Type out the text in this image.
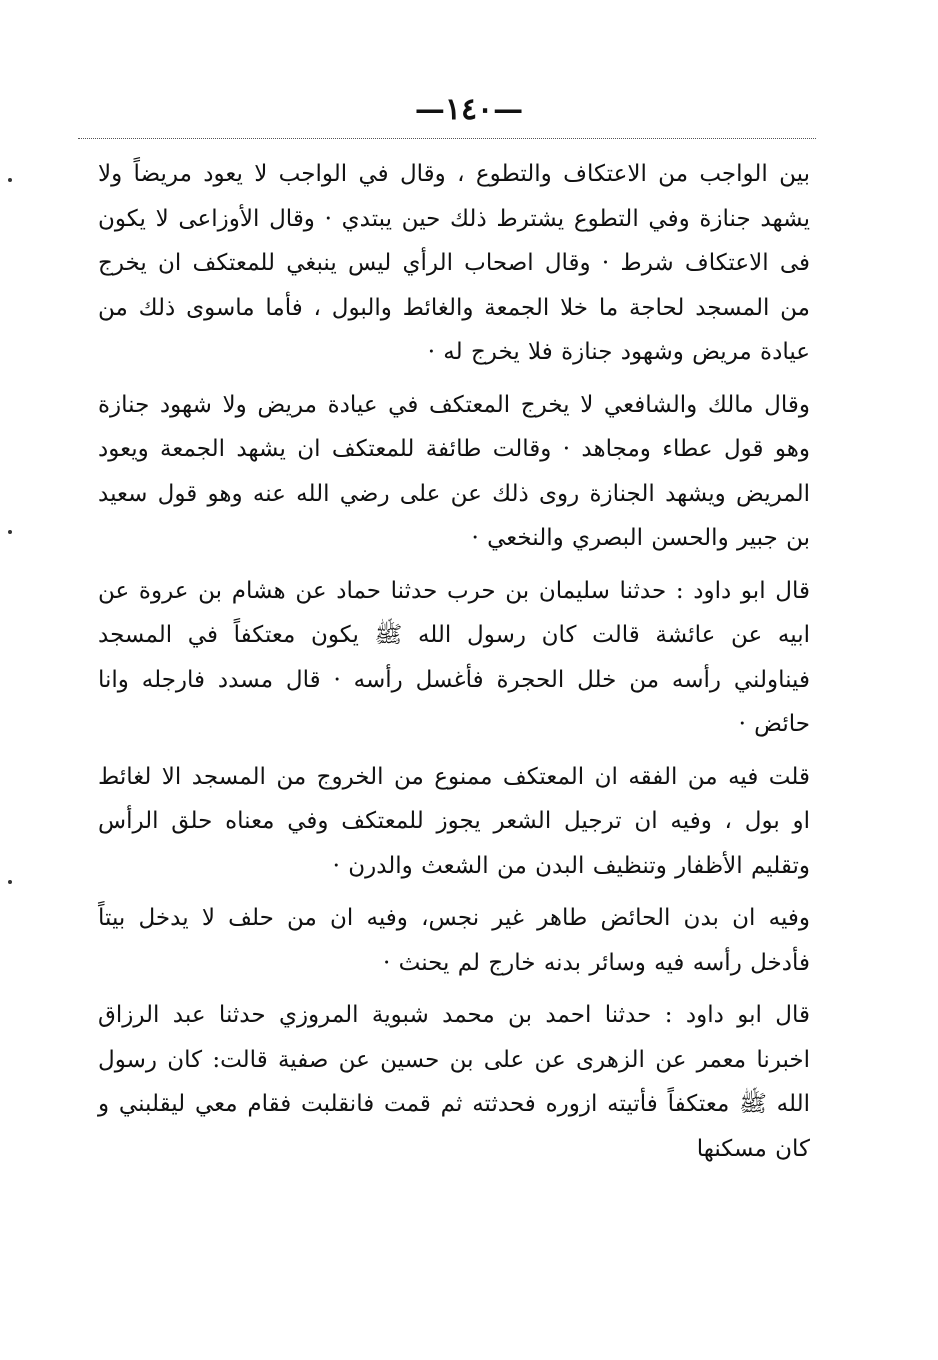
—١٤٠—

بين الواجب من الاعتكاف والتطوع ، وقال في الواجب لا يعود مريضاً ولا يشهد جنازة وفي التطوع يشترط ذلك حين يبتدي · وقال الأوزاعى لا يكون فى الاعتكاف شرط · وقال اصحاب الرأي ليس ينبغي للمعتكف ان يخرج من المسجد لحاجة ما خلا الجمعة والغائط والبول ، فأما ماسوى ذلك من عيادة مريض وشهود جنازة فلا يخرج له ·

وقال مالك والشافعي لا يخرج المعتكف في عيادة مريض ولا شهود جنازة وهو قول عطاء ومجاهد · وقالت طائفة للمعتكف ان يشهد الجمعة ويعود المريض ويشهد الجنازة روى ذلك عن على رضي الله عنه وهو قول سعيد بن جبير والحسن البصري والنخعي ·

قال ابو داود : حدثنا سليمان بن حرب حدثنا حماد عن هشام بن عروة عن ابيه عن عائشة قالت كان رسول الله ﷺ يكون معتكفاً في المسجد فيناولني رأسه من خلل الحجرة فأغسل رأسه · قال مسدد فارجله وانا حائض ·

قلت فيه من الفقه ان المعتكف ممنوع من الخروج من المسجد الا لغائط او بول ، وفيه ان ترجيل الشعر يجوز للمعتكف وفي معناه حلق الرأس وتقليم الأظفار وتنظيف البدن من الشعث والدرن ·

وفيه ان بدن الحائض طاهر غير نجس، وفيه ان من حلف لا يدخل بيتاً فأدخل رأسه فيه وسائر بدنه خارج لم يحنث ·

قال ابو داود : حدثنا احمد بن محمد شبوية المروزي حدثنا عبد الرزاق اخبرنا معمر عن الزهرى عن على بن حسين عن صفية قالت: كان رسول الله ﷺ معتكفاً فأتيته ازوره فحدثته ثم قمت فانقلبت فقام معي ليقلبني و كان مسكنها
